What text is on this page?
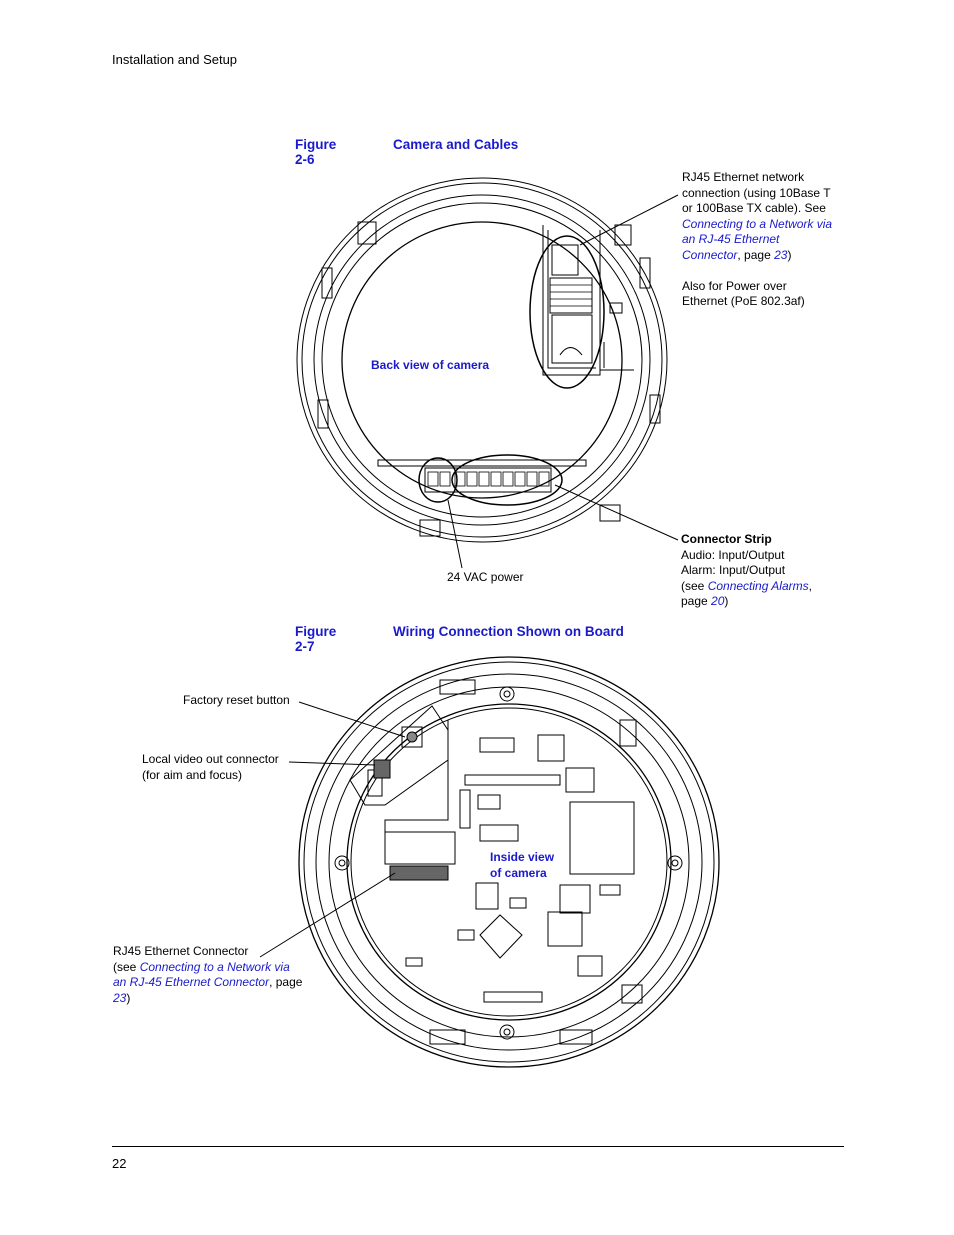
Installation and Setup
Figure 2-6
Camera and Cables
Back view of camera
RJ45 Ethernet network
connection (using 10Base T
or 100Base TX cable). See
Connecting to a Network via
an RJ-45 Ethernet
Connector, page 23)
Also for Power over
Ethernet (PoE 802.3af)
Connector Strip
Audio: Input/Output
Alarm: Input/Output
(see Connecting Alarms,
page 20)
24 VAC power
Figure 2-7
Wiring Connection Shown on Board
Factory reset button
Local video out connector
(for aim and focus)
Inside view
of camera
RJ45 Ethernet Connector
(see Connecting to a Network via
an RJ-45 Ethernet Connector, page
23)
22
